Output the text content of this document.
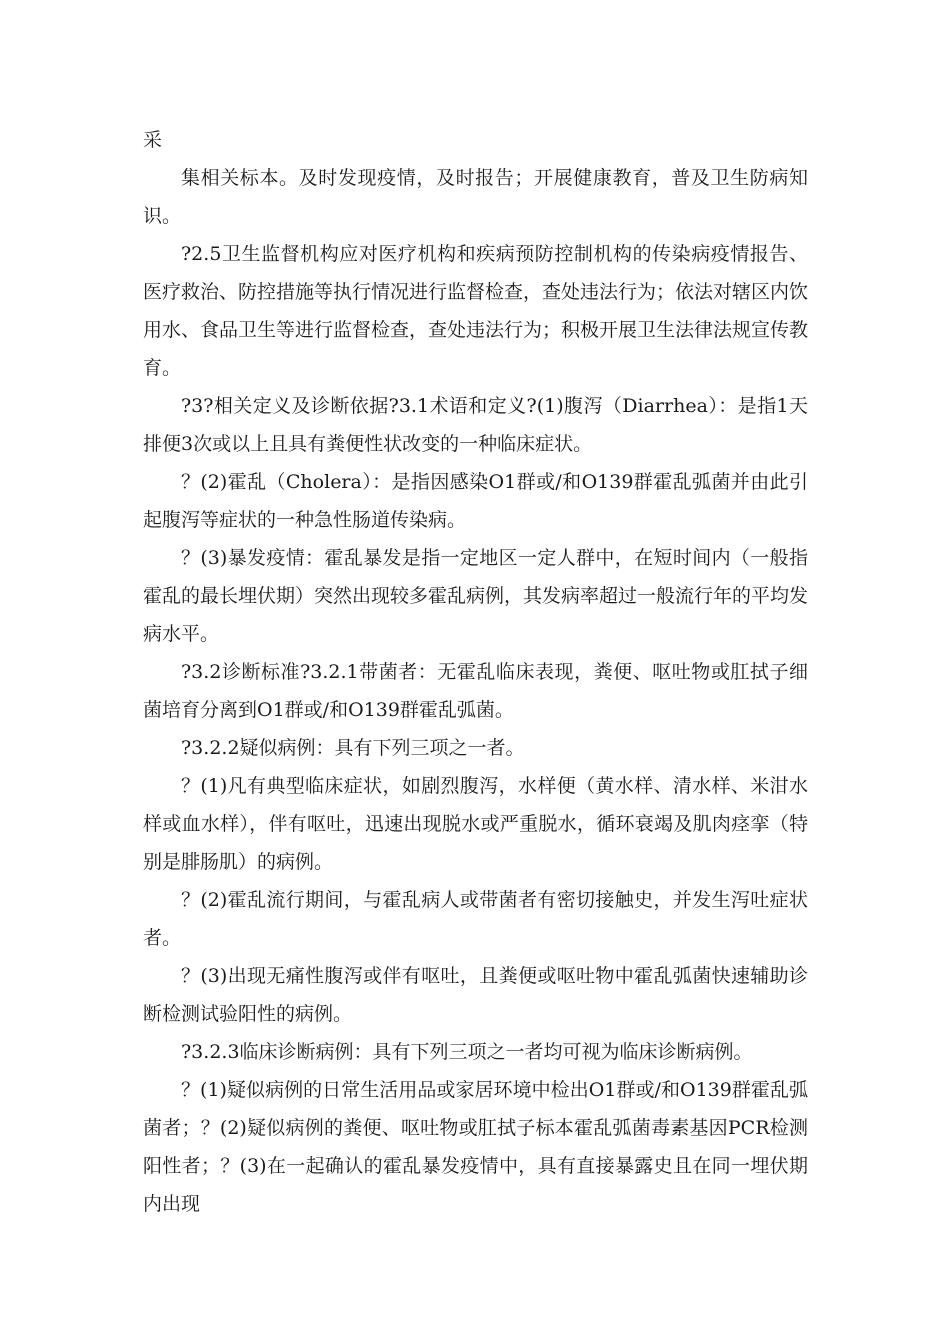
采

集相关标本。及时发现疫情，及时报告；开展健康教育，普及卫生防病知识。

?2.5卫生监督机构应对医疗机构和疾病预防控制机构的传染病疫情报告、医疗救治、防控措施等执行情况进行监督检查，查处违法行为；依法对辖区内饮用水、食品卫生等进行监督检查，查处违法行为；积极开展卫生法律法规宣传教育。

?3?相关定义及诊断依据?3.1术语和定义?(1)腹泻（Diarrhea）：是指1天排便3次或以上且具有粪便性状改变的一种临床症状。

？(2)霍乱（Cholera）：是指因感染O1群或/和O139群霍乱弧菌并由此引起腹泻等症状的一种急性肠道传染病。

？(3)暴发疫情：霍乱暴发是指一定地区一定人群中，在短时间内（一般指霍乱的最长埋伏期）突然出现较多霍乱病例，其发病率超过一般流行年的平均发病水平。

?3.2诊断标准?3.2.1带菌者：无霍乱临床表现，粪便、呕吐物或肛拭子细菌培育分离到O1群或/和O139群霍乱弧菌。

?3.2.2疑似病例：具有下列三项之一者。

？(1)凡有典型临床症状，如剧烈腹泻，水样便（黄水样、清水样、米泔水样或血水样），伴有呕吐，迅速出现脱水或严重脱水，循环衰竭及肌肉痉挛（特别是腓肠肌）的病例。

？(2)霍乱流行期间，与霍乱病人或带菌者有密切接触史，并发生泻吐症状者。

？(3)出现无痛性腹泻或伴有呕吐，且粪便或呕吐物中霍乱弧菌快速辅助诊断检测试验阳性的病例。

?3.2.3临床诊断病例：具有下列三项之一者均可视为临床诊断病例。

？(1)疑似病例的日常生活用品或家居环境中检出O1群或/和O139群霍乱弧菌者；？(2)疑似病例的粪便、呕吐物或肛拭子标本霍乱弧菌毒素基因PCR检测阳性者；？(3)在一起确认的霍乱暴发疫情中，具有直接暴露史且在同一埋伏期内出现
